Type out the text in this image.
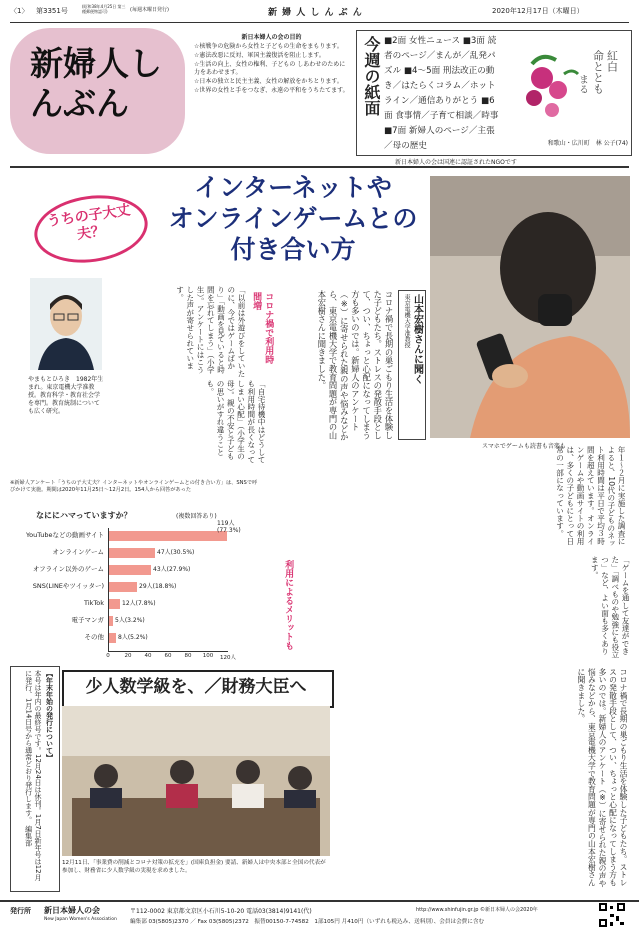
〈1〉 第3351号
(昭和38年4月25日 第三種郵便物認可)	(毎週木曜日発行)	新 婦 人 し ん ぶ ん	2020年12月17日（木曜日）
新婦人しんぶん
新日本婦人の会の目的
☆核戦争の危険から女性と子どもの生命をまもります。
☆憲法改悪に反対、軍国主義復活を阻止します。
☆生活の向上、女性の権利、子どもの しあわせのために力をあわせます。
☆日本の独立と民主主義、女性の解放をかちとります。
☆世界の女性と手をつなぎ、永遠の平和をうちたてます。 今週の紙面 ■2面 女性ニュース ■3面 読者のページ／まんが／乱発パズル ■4～5面 刑法改正の動き／はたらくコラム／ホットライン／通信ありがとう ■6面 食事情／子育て相談／時事 ■7面 新婦人のページ／主張／母の歴史
命ととも 紅白
まる
和歌山・広川町　林 公子(74)
新日本婦人の会は国連に認証されたNGOです
うちの子大丈夫？
インターネットや
オンラインゲームとの
付き合い方
スマホでゲームも読書も音楽も
東京電機大学准教授 山本宏樹さんに聞く
コロナ禍で長期の巣ごもり生活を体験した子どもたち。ストレスの発散手段として、つい、ちょっと心配になってしまう方も多いのでは。新婦人のアンケート（※）に寄せられた親の声や悩みなどから、東京電機大学で教育問題が専門の山本宏樹さんに聞きました。
やまもとひろき　1982年生まれ。東京電機大学准教授。教育科学・教育社会学を専門。教育統制についても広く研究。
コロナ禍で利用時間増
「以前は外遊びをしていたのに、今ではゲームばかり」「動画を見ていると時間を忘れてしまう」（小学生）。アンケートにはこうした声が寄せられています。
「自宅待機中はどうしても利用時間が長くなってしまい心配」（小学生の母）。親の不安と子どもの思いがすれ違うことも。
年１～２月に実施した調査によると、10代の子どものネット利用時間は平日で平均３時間を超えています。オンラインゲームや動画サイトの利用は、多くの子どもにとって日常の一部になっています。
※新婦人アンケート「うちの子大丈夫？インターネットやオンラインゲームとの付き合い方」は、SNSで呼びかけて実施。期間は2020年11月25日～12月2日。154人から回答があった
なににハマっていますか？	(複数回答あり)
YouTubeなどの動画サイト
119人(77.3%)
オンラインゲーム	47人(30.5%)
オフライン以外のゲーム	43人(27.9%)
SNS(LINEやツイッター)	29人(18.8%)
TikTok	12人(7.8%)
電子マンガ 5人(3.2%)
その他 8人(5.2%)
0	20	40	60	80	100	120人
利用によるメリットも	「ゲームを通して友達ができた」「調べものや勉強にも役立つ」など、よい面も多くあります。
少人数学級を、／財務大臣へ
12月11日、「事業費の削減とコロナ対策の拡充を」(国庫負担金) 要請、新婦人は中央本部と全国の代表が参加し、財務省に少人数学級の実現を求めました。
【年末年始の発行について】
本号は年内の最終号です。12月24日は休刊。1月7日新年号は12月に発行、1月14日号から通常どおり発行します。 編集部	コロナ禍で長期の巣ごもり生活を体験した子どもたち。ストレスの発散手段として、つい、ちょっと心配になってしまう方も多いのでは。新婦人のアンケート（※）に寄せられた親の声や悩みなどから、東京電機大学で教育問題が専門の山本宏樹さんに聞きました。
発行所 新日本婦人の会
New Japan Women's Association
〒112-0002 東京都文京区小石川5-10-20 電話03(3814)9141(代)
編集部 03(5805)2370 ／ Fax 03(5805)2372　振替00150-7-74582　1部105円 月410円（いずれも税込み、送料別）、会員は会費に含む
http://www.shinfujin.gr.jp ©新日本婦人の会2020年
